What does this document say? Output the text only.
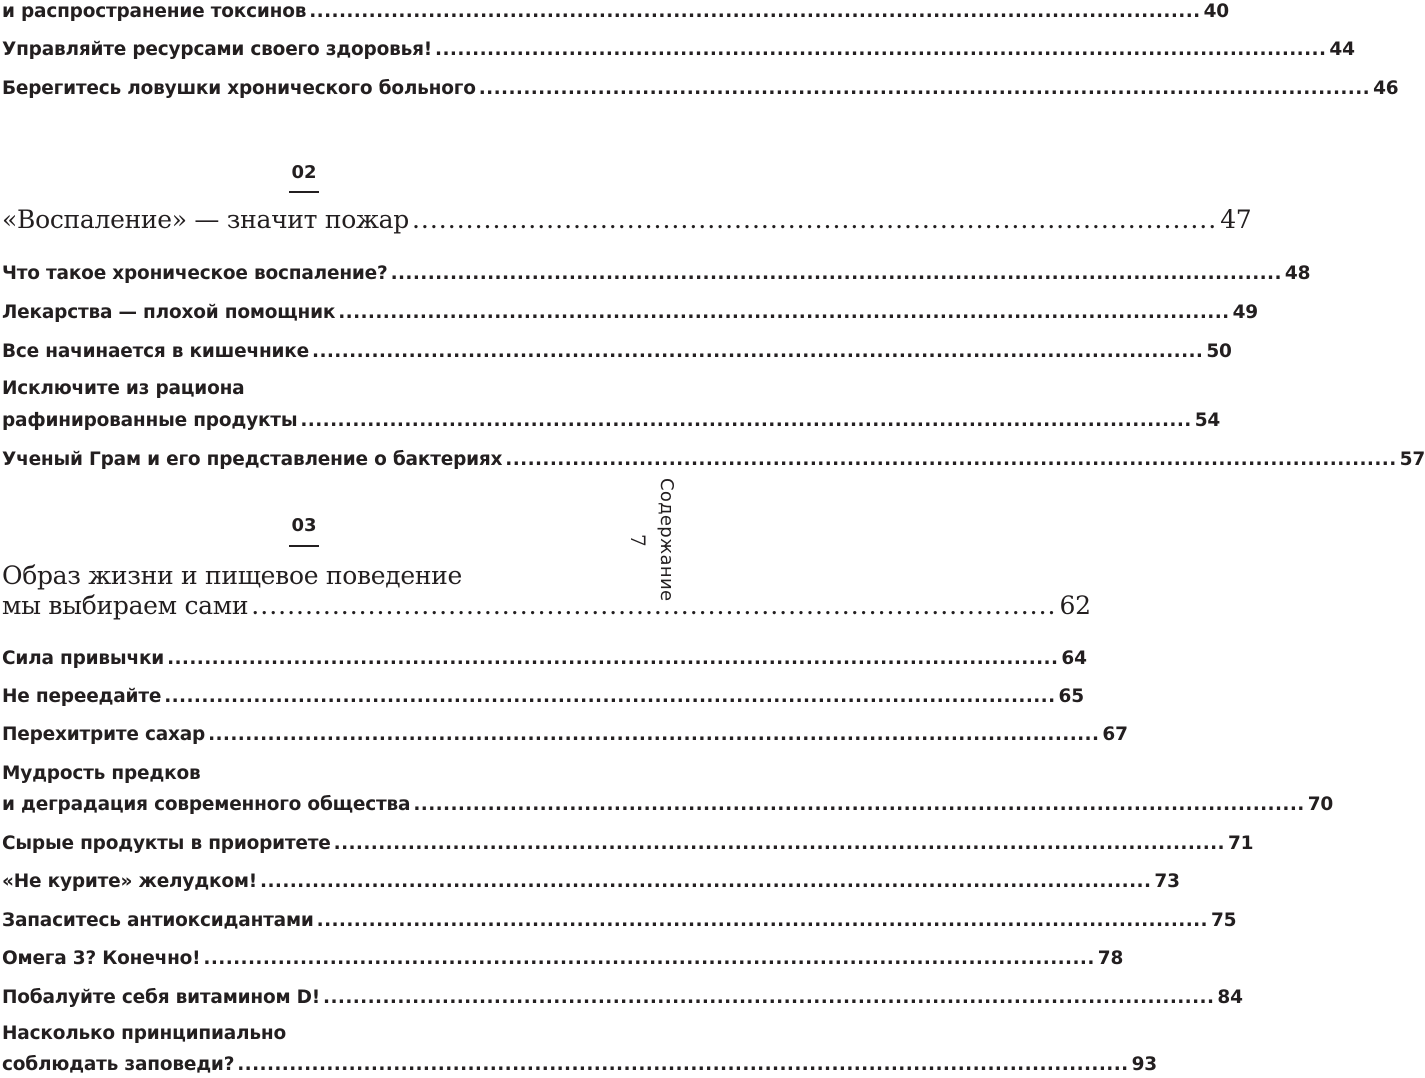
и распространение токсинов ........................................................................................................................ 40
Управляйте ресурсами своего здоровья! ........................................................................................................................ 44
Берегитесь ловушки хронического больного ........................................................................................................................ 46
02
«Воспаление» — значит пожар .......................................................................................... 47
Что такое хроническое воспаление? ........................................................................................................................ 48
Лекарства — плохой помощник ........................................................................................................................ 49
Все начинается в кишечнике ........................................................................................................................ 50
Исключите из рациона
рафинированные продукты ........................................................................................................................ 54
Ученый Грам и его представление о бактериях ........................................................................................................................ 57
03
Образ жизни и пищевое поведение
мы выбираем сами .......................................................................................... 62
Сила привычки ........................................................................................................................ 64
Не переедайте ........................................................................................................................ 65
Перехитрите сахар ........................................................................................................................ 67
Мудрость предков
и деградация современного общества ........................................................................................................................ 70
Сырые продукты в приоритете ........................................................................................................................ 71
«Не курите» желудком! ........................................................................................................................ 73
Запаситесь антиоксидантами ........................................................................................................................ 75
Омега 3? Конечно! ........................................................................................................................ 78
Побалуйте себя витамином D! ........................................................................................................................ 84
Насколько принципиально
соблюдать заповеди? ........................................................................................................................ 93
Содержание
7
